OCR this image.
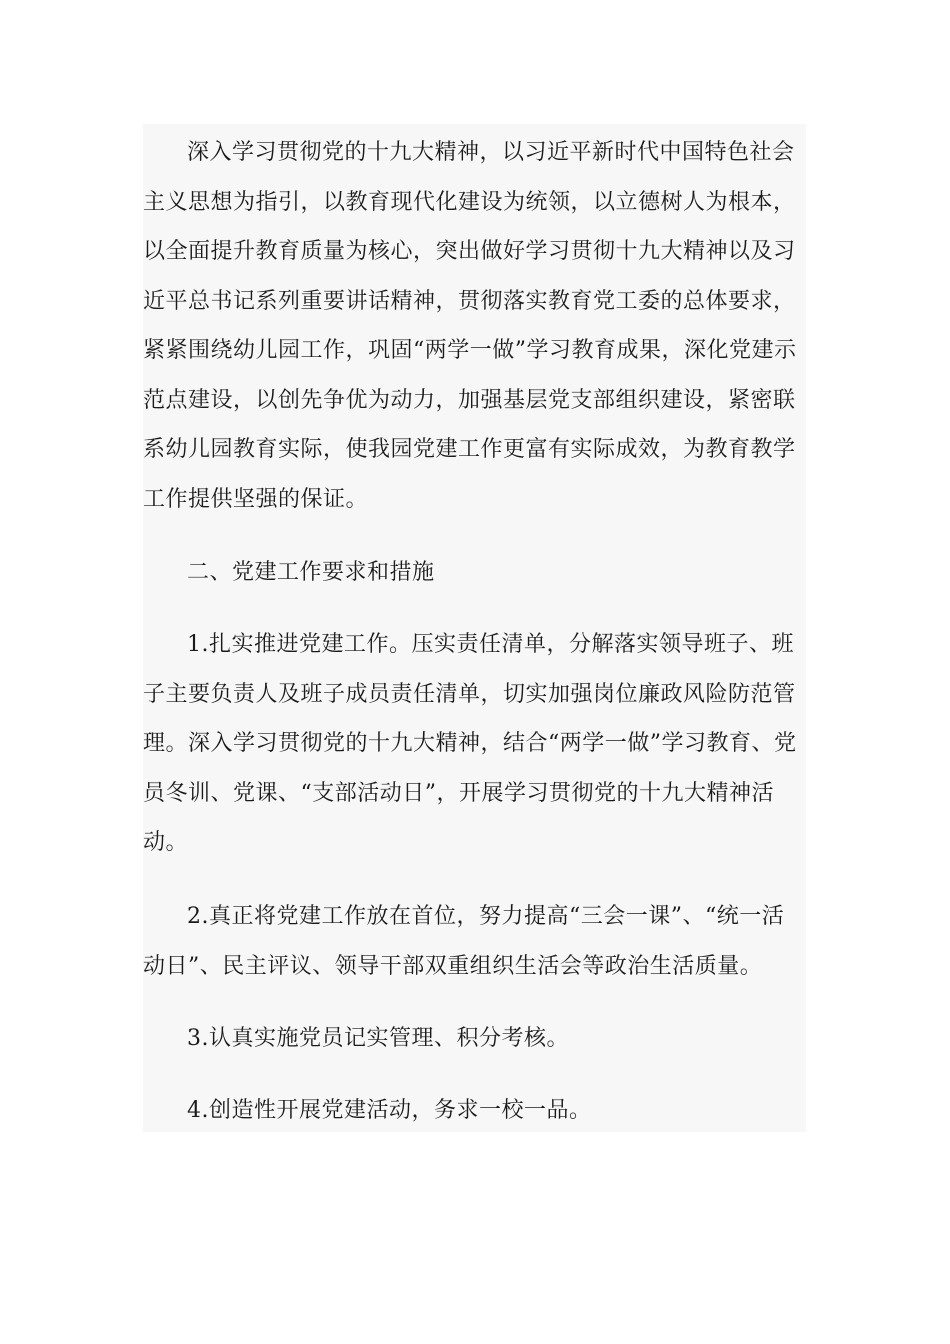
深入学习贯彻党的十九大精神，以习近平新时代中国特色社会主义思想为指引，以教育现代化建设为统领，以立德树人为根本，以全面提升教育质量为核心，突出做好学习贯彻十九大精神以及习近平总书记系列重要讲话精神，贯彻落实教育党工委的总体要求，紧紧围绕幼儿园工作，巩固“两学一做”学习教育成果，深化党建示范点建设，以创先争优为动力，加强基层党支部组织建设，紧密联系幼儿园教育实际，使我园党建工作更富有实际成效，为教育教学工作提供坚强的保证。

二、党建工作要求和措施

1.扎实推进党建工作。压实责任清单，分解落实领导班子、班子主要负责人及班子成员责任清单，切实加强岗位廉政风险防范管理。深入学习贯彻党的十九大精神，结合“两学一做”学习教育、党员冬训、党课、“支部活动日”，开展学习贯彻党的十九大精神活动。

2.真正将党建工作放在首位，努力提高“三会一课”、“统一活动日”、民主评议、领导干部双重组织生活会等政治生活质量。

3.认真实施党员记实管理、积分考核。

4.创造性开展党建活动，务求一校一品。
